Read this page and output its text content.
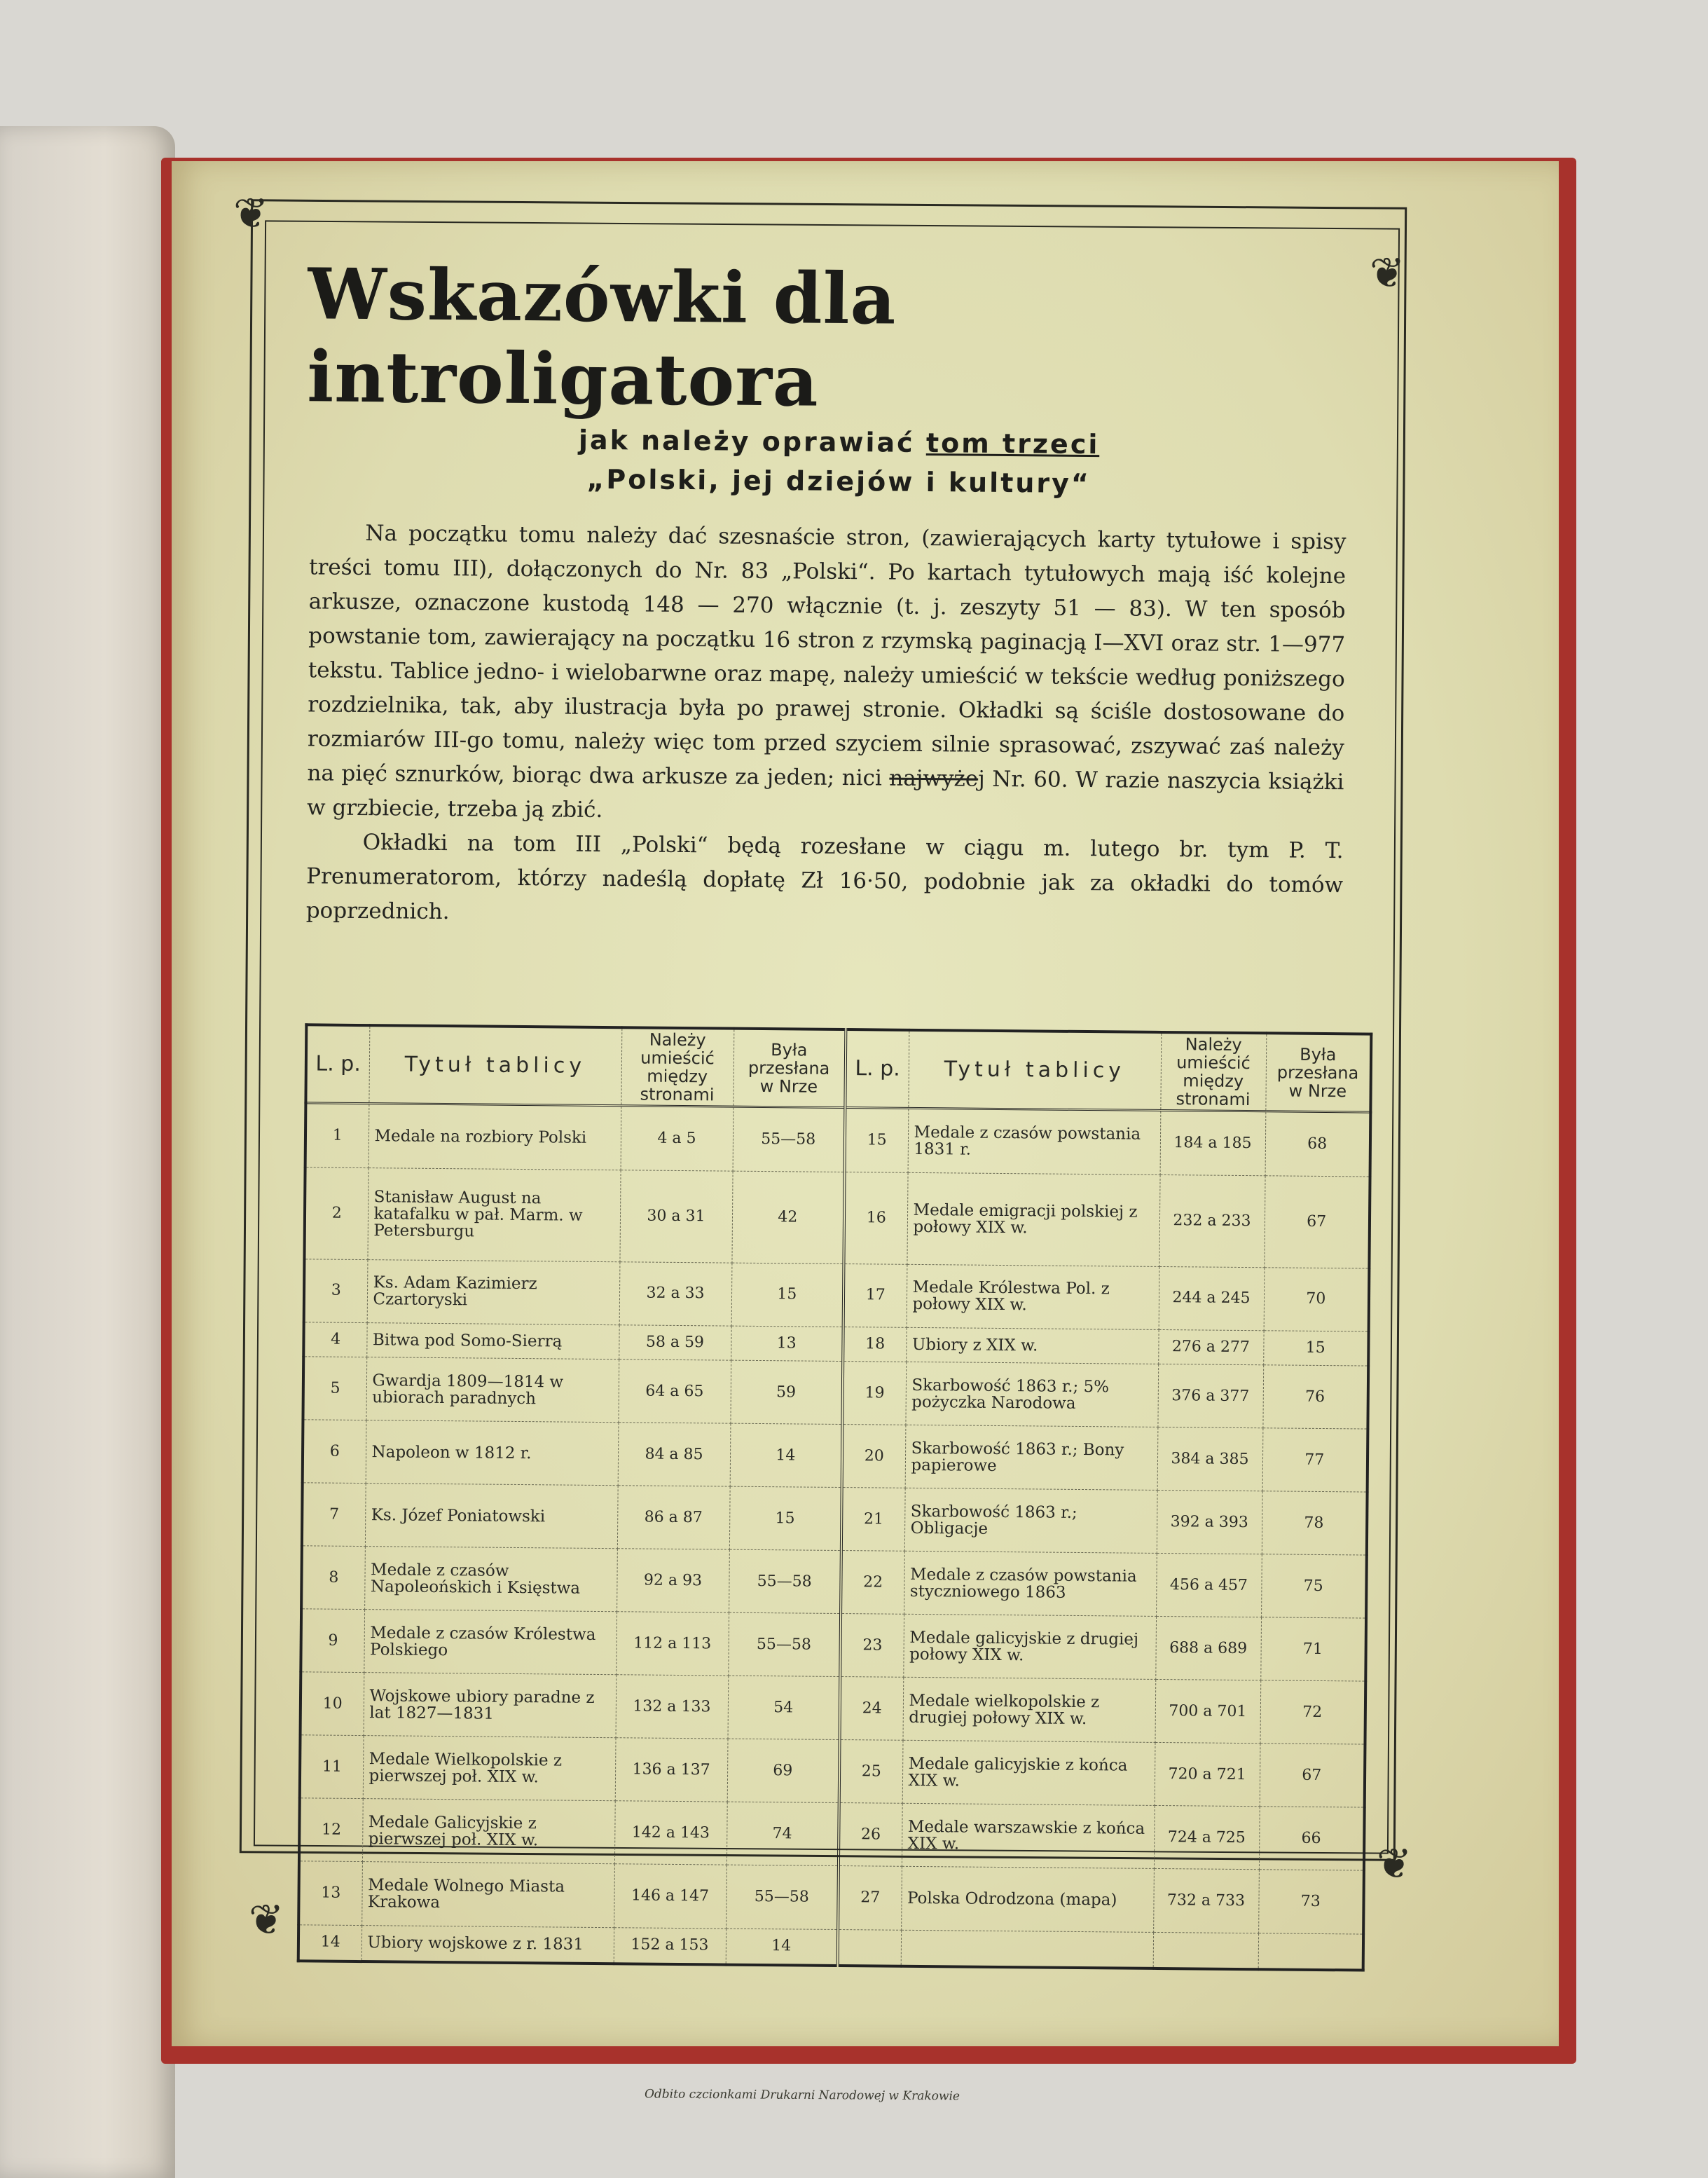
❦
❦
❦
❦
Wskazówki dla introligatora
jak należy oprawiać tom trzeci
„Polski, jej dziejów i kultury“

Na początku tomu należy dać szesnaście stron, (zawierających karty tytułowe i spisy treści tomu III), dołączonych do Nr. 83 „Polski“. Po kartach tytułowych mają iść kolejne arkusze, oznaczone kustodą 148 — 270 włącznie (t. j. zeszyty 51 — 83). W ten sposób powstanie tom, zawierający na początku 16 stron z rzymską paginacją I—XVI oraz str. 1—977 tekstu. Tablice jedno- i wielobarwne oraz mapę, należy umieścić w tekście według poniższego rozdzielnika, tak, aby ilustracja była po prawej stronie. Okładki są ściśle dostosowane do rozmiarów III-go tomu, należy więc tom przed szyciem silnie sprasować, zszywać zaś należy na pięć sznurków, biorąc dwa arkusze za jeden; nici najwyżej Nr. 60. W razie naszycia książki w grzbiecie, trzeba ją zbić.

Okładki na tom III „Polski“ będą rozesłane w ciągu m. lutego br. tym P. T. Prenumeratorom, którzy nadeślą dopłatę Zł 16·50, podobnie jak za okładki do tomów poprzednich.

L. p.	Tytuł tablicy	Należy umieścić między stronami	Była przesłana w Nrze	L. p.	Tytuł tablicy	Należy umieścić między stronami	Była przesłana w Nrze
1	Medale na rozbiory Polski	4 a 5	55—58	15	Medale z czasów powstania 1831 r.	184 a 185	68
2	Stanisław August na katafalku w pał. Marm. w Petersburgu	30 a 31	42	16	Medale emigracji polskiej z połowy XIX w.	232 a 233	67
3	Ks. Adam Kazimierz Czartoryski	32 a 33	15	17	Medale Królestwa Pol. z połowy XIX w.	244 a 245	70
4	Bitwa pod Somo-Sierrą	58 a 59	13	18	Ubiory z XIX w.	276 a 277	15
5	Gwardja 1809—1814 w ubiorach paradnych	64 a 65	59	19	Skarbowość 1863 r.; 5% pożyczka Narodowa	376 a 377	76
6	Napoleon w 1812 r.	84 a 85	14	20	Skarbowość 1863 r.; Bony papierowe	384 a 385	77
7	Ks. Józef Poniatowski	86 a 87	15	21	Skarbowość 1863 r.; Obligacje	392 a 393	78
8	Medale z czasów Napoleońskich i Księstwa	92 a 93	55—58	22	Medale z czasów powstania styczniowego 1863	456 a 457	75
9	Medale z czasów Królestwa Polskiego	112 a 113	55—58	23	Medale galicyjskie z drugiej połowy XIX w.	688 a 689	71
10	Wojskowe ubiory paradne z lat 1827—1831	132 a 133	54	24	Medale wielkopolskie z drugiej połowy XIX w.	700 a 701	72
11	Medale Wielkopolskie z pierwszej poł. XIX w.	136 a 137	69	25	Medale galicyjskie z końca XIX w.	720 a 721	67
12	Medale Galicyjskie z pierwszej poł. XIX w.	142 a 143	74	26	Medale warszawskie z końca XIX w.	724 a 725	66
13	Medale Wolnego Miasta Krakowa	146 a 147	55—58	27	Polska Odrodzona (mapa)	732 a 733	73
14	Ubiory wojskowe z r. 1831	152 a 153	14				
Odbito czcionkami Drukarni Narodowej w Krakowie
